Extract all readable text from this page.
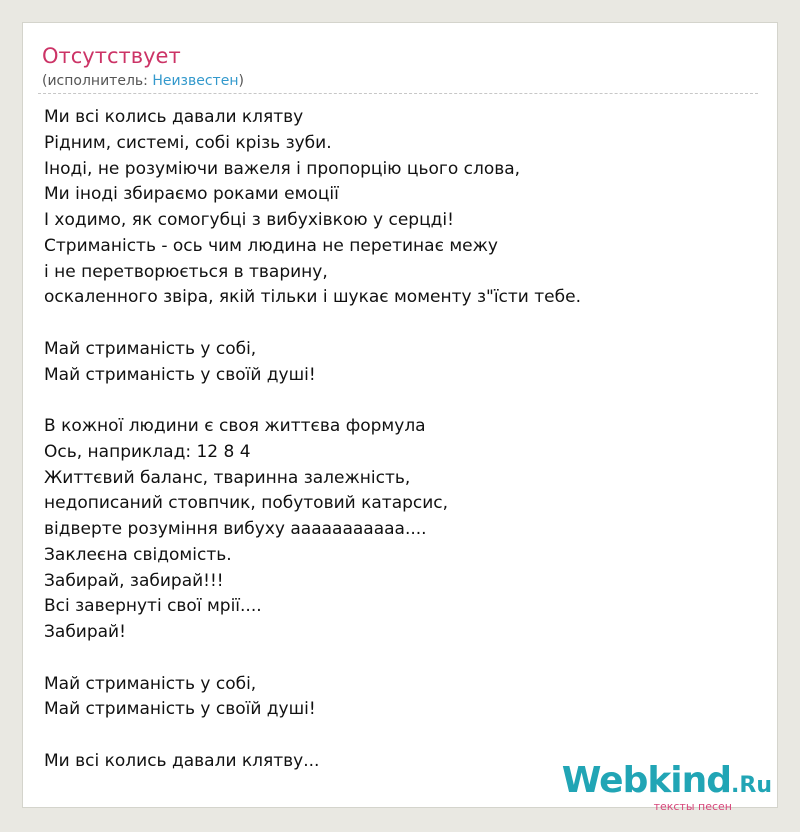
Отсутствует
(исполнитель: Неизвестен)
Ми всі колись давали клятву
Рідним, системі, собі крізь зуби.
Іноді, не розуміючи важеля і пропорцію цього слова,
Ми іноді збираємо роками емоції
І ходимо, як сомогубці з вибухівкою у серцді!
Стриманість - ось чим людина не перетинає межу
і не перетворюється в тварину,
оскаленного звіра, якій тільки і шукає моменту з"їсти тебе.
Май стриманість у собі,
Май стриманість у своїй душі!
В кожної людини є своя життєва формула
Ось, наприклад: 12 8 4
Життєвий баланс, тваринна залежність,
недописаний стовпчик, побутовий катарсис,
відверте розуміння вибуху ааааааааааа....
Заклеєна свідомість.
Забирай, забирай!!!
Всі завернуті свої мрії....
Забирай!
Май стриманість у собі,
Май стриманість у своїй душі!
Ми всі колись давали клятву...	Webkind.Ru
тексты песен
